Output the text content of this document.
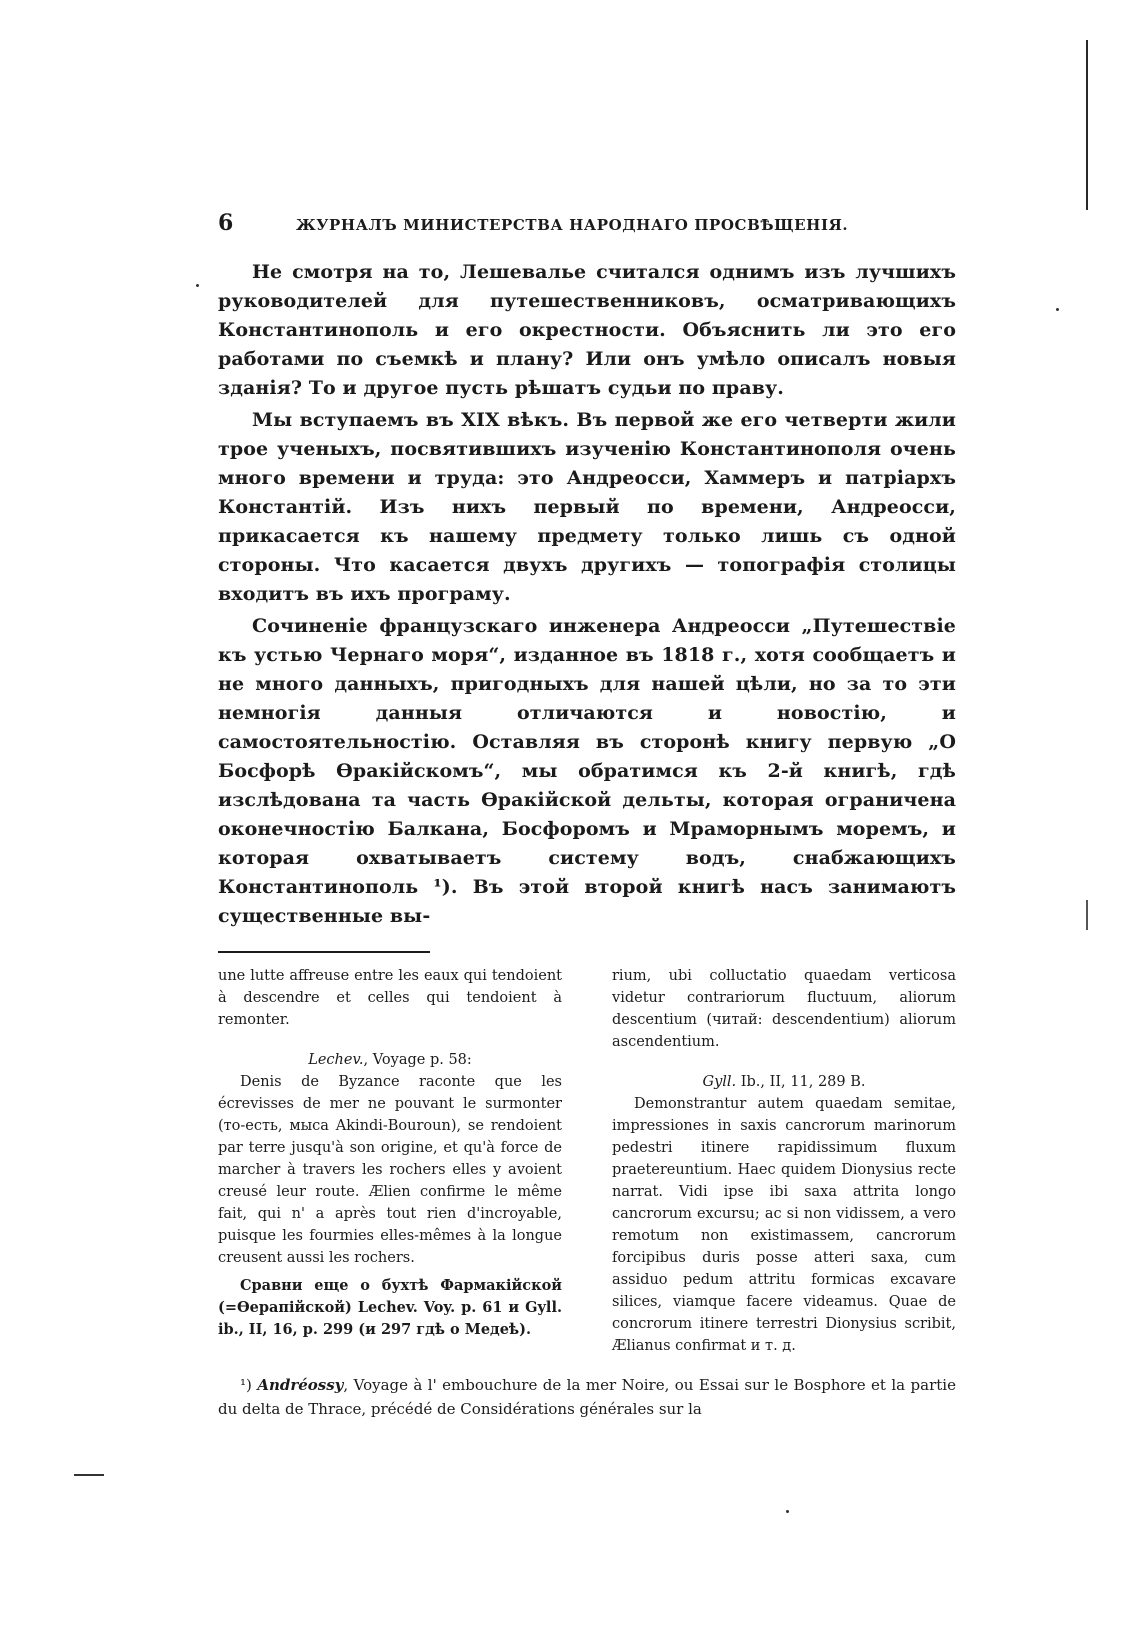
6	ЖУРНАЛЪ МИНИСТЕРСТВА НАРОДНАГО ПРОСВѢЩЕНІЯ.

Не смотря на то, Лешевалье считался однимъ изъ лучшихъ руководителей для путешественниковъ, осматривающихъ Константинополь и его окрестности. Объяснить ли это его работами по съемкѣ и плану? Или онъ умѣло описалъ новыя зданія? То и другое пусть рѣшатъ судьи по праву.

Мы вступаемъ въ XIX вѣкъ. Въ первой же его четверти жили трое ученыхъ, посвятившихъ изученію Константинополя очень много времени и труда: это Андреосси, Хаммеръ и патріархъ Константій. Изъ нихъ первый по времени, Андреосси, прикасается къ нашему предмету только лишь съ одной стороны. Что касается двухъ другихъ — топографія столицы входитъ въ ихъ програму.

Сочиненіе французскаго инженера Андреосси „Путешествіе къ устью Чернаго моря“, изданное въ 1818 г., хотя сообщаетъ и не много данныхъ, пригодныхъ для нашей цѣли, но за то эти немногія данныя отличаются и новостію, и самостоятельностію. Оставляя въ сторонѣ книгу первую „О Босфорѣ Ѳракійскомъ“, мы обратимся къ 2-й книгѣ, гдѣ изслѣдована та часть Ѳракійской дельты, которая ограничена оконечностію Балкана, Босфоромъ и Мраморнымъ моремъ, и которая охватываетъ систему водъ, снабжающихъ Константинополь ¹). Въ этой второй книгѣ насъ занимаютъ существенные вы-

une lutte affreuse entre les eaux qui tendoient à descendre et celles qui tendoient à remonter.

Lechev., Voyage p. 58:

Denis de Byzance raconte que les écrevisses de mer ne pouvant le surmonter (то-есть, мыса Akindi-Bouroun), se rendoient par terre jusqu'à son origine, et qu'à force de marcher à travers les rochers elles y avoient creusé leur route. Ælien confirme le même fait, qui n' a après tout rien d'incroyable, puisque les fourmies elles-mêmes à la longue creusent aussi les rochers.

Сравни еще о бухтѣ Фармакійской (=Ѳерапійской) Lechev. Voy. p. 61 и Gyll. ib., II, 16, p. 299 (и 297 гдѣ о Медеѣ).

rium, ubi colluctatio quaedam verticosa videtur contrariorum fluctuum, aliorum descentium (читай: descendentium) aliorum ascendentium.

Gyll. Ib., II, 11, 289 B.

Demonstrantur autem quaedam semitae, impressiones in saxis cancrorum marinorum pedestri itinere rapidissimum fluxum praetereuntium. Haec quidem Dionysius recte narrat. Vidi ipse ibi saxa attrita longo cancrorum excursu; ac si non vidissem, a vero remotum non existimassem, cancrorum forcipibus duris posse atteri saxa, cum assiduo pedum attritu formicas excavare silices, viamque facere videamus. Quae de concrorum itinere terrestri Dionysius scribit, Ælianus confirmat и т. д.

¹) Andréossy, Voyage à l' embouchure de la mer Noire, ou Essai sur le Bosphore et la partie du delta de Thrace, précédé de Considérations générales sur la
